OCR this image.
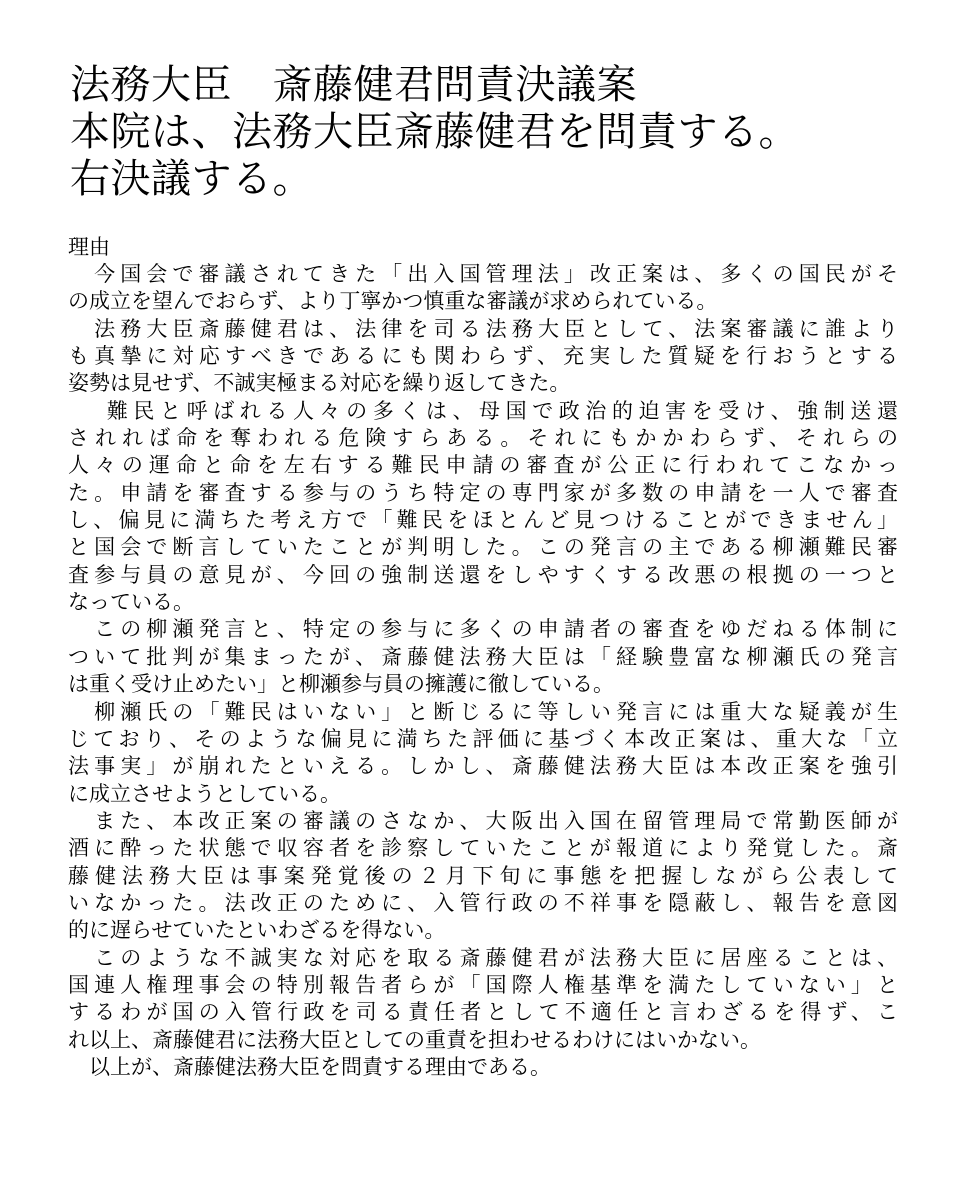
法務大臣　斎藤健君問責決議案
本院は、法務大臣斎藤健君を問責する。
右決議する。
理由
　今国会で審議されてきた「出入国管理法」改正案は、多くの国民がそ
の成立を望んでおらず、より丁寧かつ慎重な審議が求められている。
　法務大臣斎藤健君は、法律を司る法務大臣として、法案審議に誰より
も真摯に対応すべきであるにも関わらず、充実した質疑を行おうとする
姿勢は見せず、不誠実極まる対応を繰り返してきた。
　 難民と呼ばれる人々の多くは、母国で政治的迫害を受け、強制送還
されれば命を奪われる危険すらある。それにもかかわらず、それらの
人々の運命と命を左右する難民申請の審査が公正に行われてこなかっ
た。申請を審査する参与のうち特定の専門家が多数の申請を一人で審査
し、偏見に満ちた考え方で「難民をほとんど見つけることができません」
と国会で断言していたことが判明した。この発言の主である柳瀬難民審
査参与員の意見が、今回の強制送還をしやすくする改悪の根拠の一つと
なっている。
　この柳瀬発言と、特定の参与に多くの申請者の審査をゆだねる体制に
ついて批判が集まったが、斎藤健法務大臣は「経験豊富な柳瀬氏の発言
は重く受け止めたい」と柳瀬参与員の擁護に徹している。
　柳瀬氏の「難民はいない」と断じるに等しい発言には重大な疑義が生
じており、そのような偏見に満ちた評価に基づく本改正案は、重大な「立
法事実」が崩れたといえる。しかし、斎藤健法務大臣は本改正案を強引
に成立させようとしている。
　また、本改正案の審議のさなか、大阪出入国在留管理局で常勤医師が
酒に酔った状態で収容者を診察していたことが報道により発覚した。斎
藤健法務大臣は事案発覚後の２月下旬に事態を把握しながら公表して
いなかった。法改正のために、入管行政の不祥事を隠蔽し、報告を意図
的に遅らせていたといわざるを得ない。
　このような不誠実な対応を取る斎藤健君が法務大臣に居座ることは、
国連人権理事会の特別報告者らが「国際人権基準を満たしていない」と
するわが国の入管行政を司る責任者として不適任と言わざるを得ず、こ
れ以上、斎藤健君に法務大臣としての重責を担わせるわけにはいかない。
　以上が、斎藤健法務大臣を問責する理由である。
